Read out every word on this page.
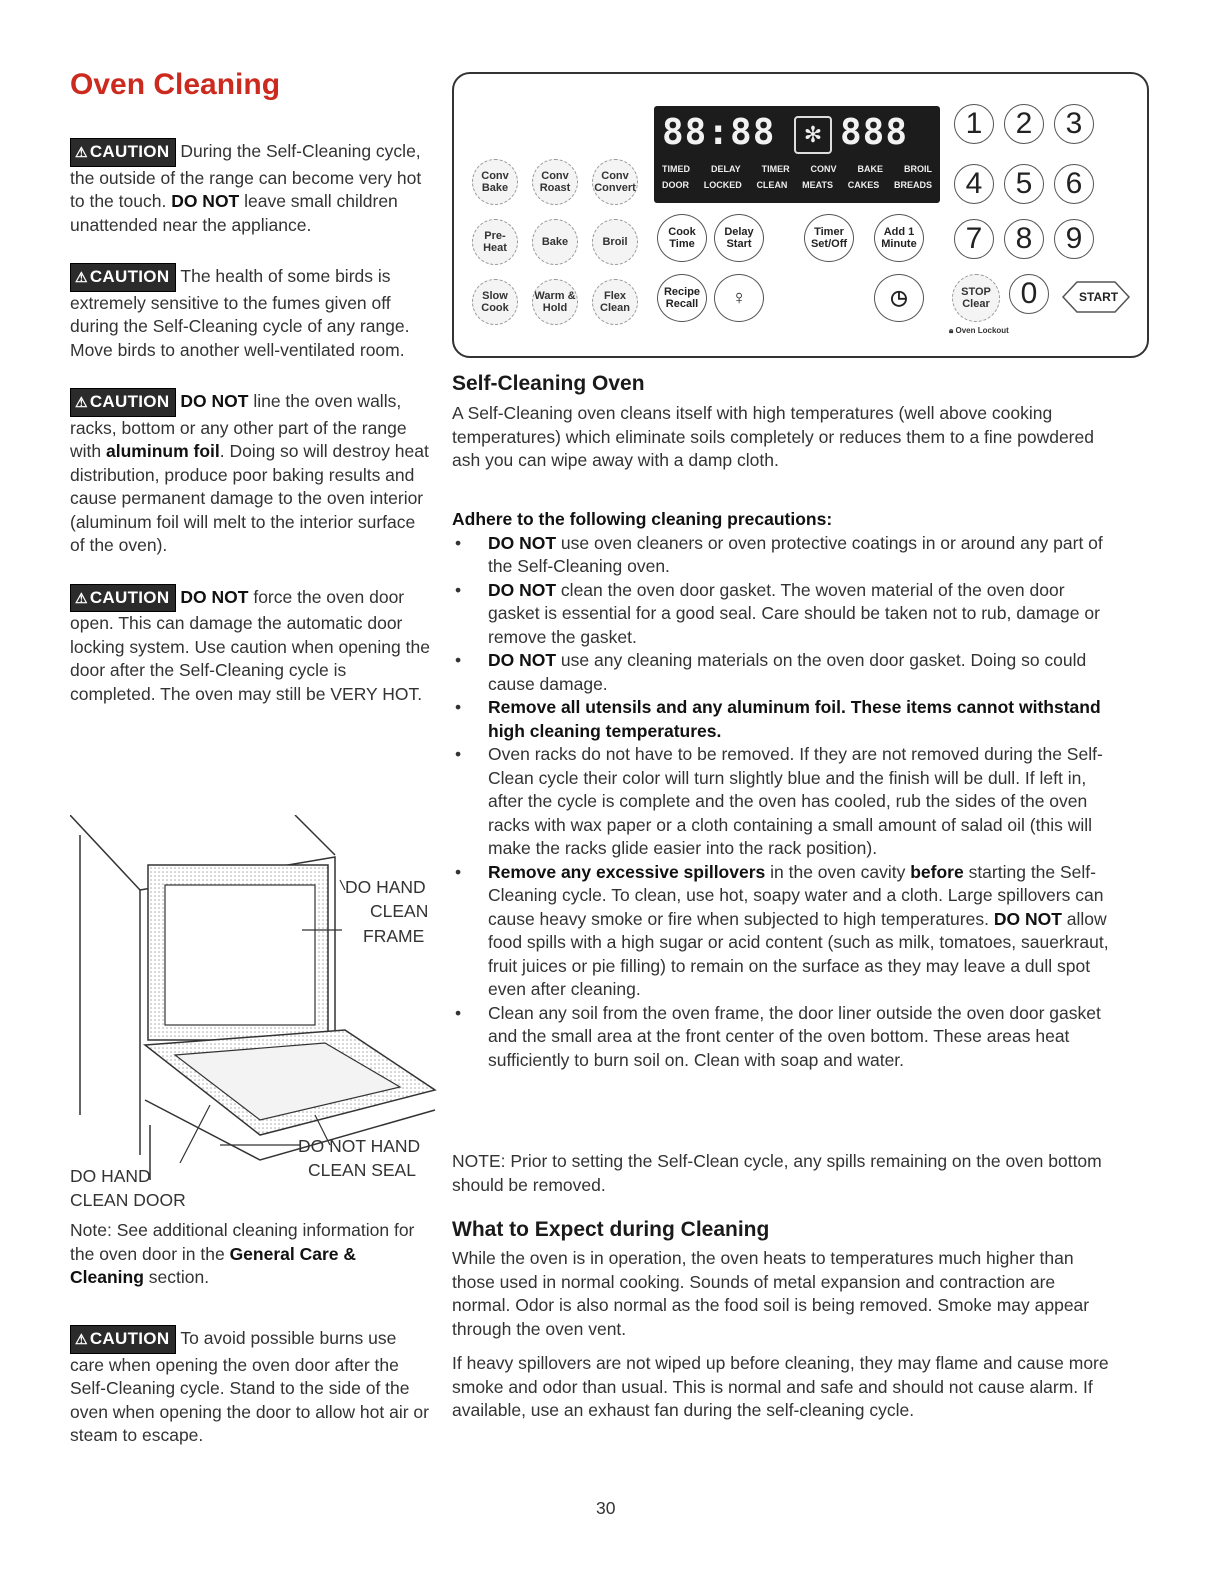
Oven Cleaning

⚠ CAUTION During the Self-Cleaning cycle, the outside of the range can become very hot to the touch. DO NOT leave small children unattended near the appliance.

⚠ CAUTION The health of some birds is extremely sensitive to the fumes given off during the Self-Cleaning cycle of any range. Move birds to another well-ventilated room.

⚠ CAUTION DO NOT line the oven walls, racks, bottom or any other part of the range with aluminum foil. Doing so will destroy heat distribution, produce poor baking results and cause permanent damage to the oven interior (aluminum foil will melt to the interior surface of the oven).

⚠ CAUTION DO NOT force the oven door open. This can damage the automatic door locking system. Use caution when opening the door after the Self-Cleaning cycle is completed. The oven may still be VERY HOT.

DO HAND
CLEAN
FRAME
DO NOT HAND
CLEAN SEAL
DO HAND
CLEAN DOOR
Note: See additional cleaning information for the oven door in the General Care & Cleaning section.
⚠ CAUTION To avoid possible burns use care when opening the oven door after the Self-Cleaning cycle. Stand to the side of the oven when opening the door to allow hot air or steam to escape.
Conv Bake
Conv Roast
Conv Convert
Pre-Heat	Bake	Broil
Slow Cook
Warm & Hold
Flex Clean
88:88	✻ 888
TIMED DELAY TIMER CONV BAKE BROIL
DOOR LOCKED CLEAN MEATS CAKES BREADS
Cook Time
Delay Start
Timer Set/Off
Add 1 Minute
Recipe Recall	♀	◷	STOP Clear
1	2	3
4	5	6
7	8	9
0	START
🔒︎ Oven Lockout
Self-Cleaning Oven
A Self-Cleaning oven cleans itself with high temperatures (well above cooking temperatures) which eliminate soils completely or reduces them to a fine powdered ash you can wipe away with a damp cloth.
Adhere to the following cleaning precautions:
• DO NOT use oven cleaners or oven protective coatings in or around any part of the Self-Cleaning oven.
• DO NOT clean the oven door gasket. The woven material of the oven door gasket is essential for a good seal. Care should be taken not to rub, damage or remove the gasket.
• DO NOT use any cleaning materials on the oven door gasket. Doing so could cause damage.
• Remove all utensils and any aluminum foil. These items cannot withstand high cleaning temperatures.
• Oven racks do not have to be removed. If they are not removed during the Self-Clean cycle their color will turn slightly blue and the finish will be dull. If left in, after the cycle is complete and the oven has cooled, rub the sides of the oven racks with wax paper or a cloth containing a small amount of salad oil (this will make the racks glide easier into the rack position).
• Remove any excessive spillovers in the oven cavity before starting the Self-Cleaning cycle. To clean, use hot, soapy water and a cloth. Large spillovers can cause heavy smoke or fire when subjected to high temperatures. DO NOT allow food spills with a high sugar or acid content (such as milk, tomatoes, sauerkraut, fruit juices or pie filling) to remain on the surface as they may leave a dull spot even after cleaning.
• Clean any soil from the oven frame, the door liner outside the oven door gasket and the small area at the front center of the oven bottom. These areas heat sufficiently to burn soil on. Clean with soap and water.
NOTE: Prior to setting the Self-Clean cycle, any spills remaining on the oven bottom should be removed.
What to Expect during Cleaning
While the oven is in operation, the oven heats to temperatures much higher than those used in normal cooking. Sounds of metal expansion and contraction are normal. Odor is also normal as the food soil is being removed. Smoke may appear through the oven vent.
If heavy spillovers are not wiped up before cleaning, they may flame and cause more smoke and odor than usual. This is normal and safe and should not cause alarm. If available, use an exhaust fan during the self-cleaning cycle.
30
